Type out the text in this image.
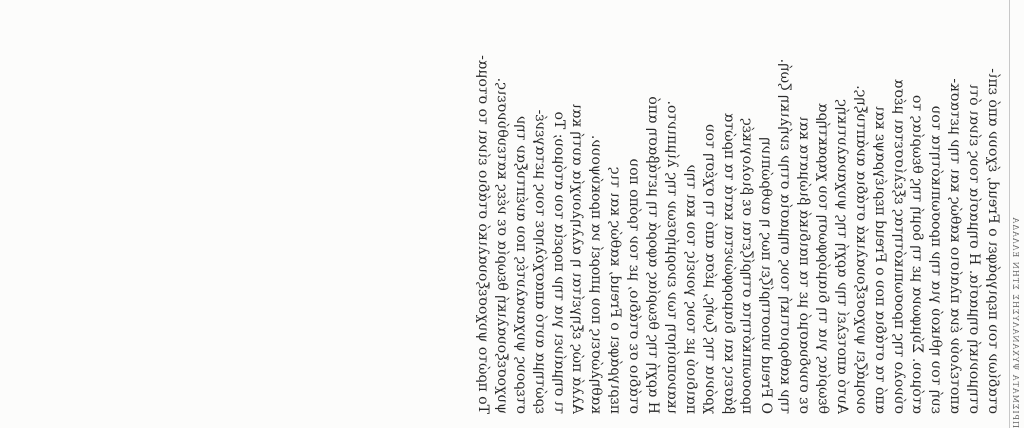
ΠΡΙΣΜΑΤΑ ΨΥΧΑΝΑΛΥΣΗΣ ΣΤΗΝ ΕΛΛΑΔΑ
σταδίων του περιγράφει ο Freud, έχουν από επί-
στημονική σημασία. Η σημασία τους είναι ότι
αποτελούν ένα πλαίσιο καθώς και την μετασκ-
ευή του ηθικού για την προσωπικότητα του
ατόμου. Σύμφωνα με τη δομή της θεωρίας το
σύνολο της προσωπικότητας εξελίσσεται μέσα
από τα στάδια που ο Freud περιέγραψε και
ονομάζει ψυχοσεξουαλικά στάδια ανάπτυξης.
Αυτό αποτελεί την αρχή της ψυχαναλυτικής
θεωρίας για τη διαμόρφωση του χαρακτήρα
σε συνδυασμό με τα παιδικά βιώματα και
την καθοριστική τους σημασία στην ενήλικη ζωή.
Ο Freud υποστηρίζει πως η ανθρώπινη
προσωπικότητα στηρίζεται σε βιολογικές
βάσεις και διαμορφώνεται κατά τα πρώτα
χρόνια της ζωής, μέσα από τη σχέση του
παιδιού με τους γονείς του και την
ικανοποίηση των ενορμήσεων της λίμπιντο.
Η αρχή της θεωρίας αφορά τη μετάβαση από
στάδιο σε στάδιο, με τον τρόπο που
περιγράφει ο Freud, καθώς και τις
καθηλώσεις που μπορεί να προκύψουν.
Αλλά πώς εξηγείται η αλληλουχία αυτή και
τι σημαίνει για την πορεία του ατόμου; Το
ερώτημα αυτό απασχόλησε τους μεταγενέ-
στερους ψυχαναλυτές που ανέπτυξαν την
ψυχοσεξουαλική θεωρία σε νέες κατευθύνσεις.
Το πρώτο ψυχοσεξουαλικό στάδιο είναι το στομα-
